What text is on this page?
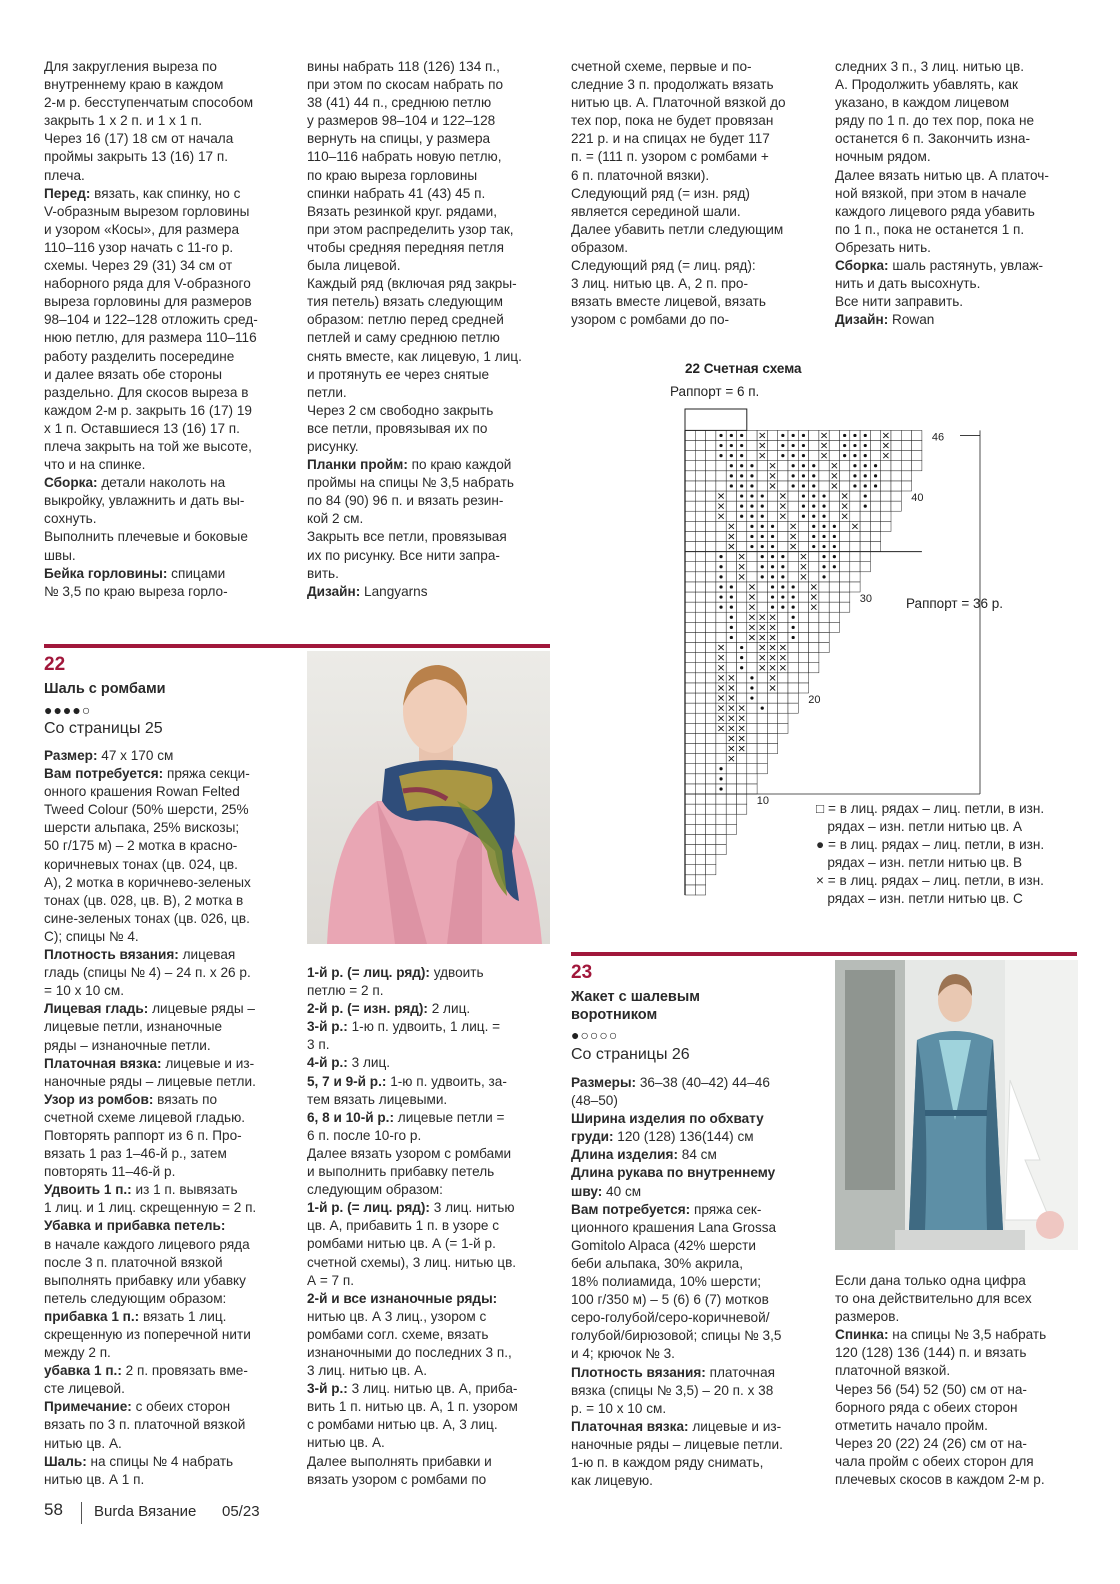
Для закругления выреза по
внутреннему краю в каждом
2-м р. бесступенчатым способом
закрыть 1 х 2 п. и 1 х 1 п.
Через 16 (17) 18 см от начала
проймы закрыть 13 (16) 17 п.
плеча.

Перед: вязать, как спинку, но с
V-образным вырезом горловины
и узором «Косы», для размера
110–116 узор начать с 11-го р.
схемы. Через 29 (31) 34 см от
наборного ряда для V-образного
выреза горловины для размеров
98–104 и 122–128 отложить сред-
нюю петлю, для размера 110–116
работу разделить посередине
и далее вязать обе стороны
раздельно. Для скосов выреза в
каждом 2-м р. закрыть 16 (17) 19
х 1 п. Оставшиеся 13 (16) 17 п.
плеча закрыть на той же высоте,
что и на спинке.

Сборка: детали наколоть на
выкройку, увлажнить и дать вы-
сохнуть.
Выполнить плечевые и боковые
швы.

Бейка горловины: спицами
№ 3,5 по краю выреза горло-

вины набрать 118 (126) 134 п.,
при этом по скосам набрать по
38 (41) 44 п., среднюю петлю
у размеров 98–104 и 122–128
вернуть на спицы, у размера
110–116 набрать новую петлю,
по краю выреза горловины
спинки набрать 41 (43) 45 п.
Вязать резинкой круг. рядами,
при этом распределить узор так,
чтобы средняя передняя петля
была лицевой.
Каждый ряд (включая ряд закры-
тия петель) вязать следующим
образом: петлю перед средней
петлей и саму среднюю петлю
снять вместе, как лицевую, 1 лиц.
и протянуть ее через снятые
петли.
Через 2 см свободно закрыть
все петли, провязывая их по
рисунку.

Планки пройм: по краю каждой
проймы на спицы № 3,5 набрать
по 84 (90) 96 п. и вязать резин-
кой 2 см.
Закрыть все петли, провязывая
их по рисунку. Все нити запра-
вить.

Дизайн: Langyarns

счетной схеме, первые и по-
следние 3 п. продолжать вязать
нитью цв. А. Платочной вязкой до
тех пор, пока не будет провязан
221 р. и на спицах не будет 117
п. = (111 п. узором с ромбами +
6 п. платочной вязки).
Следующий ряд (= изн. ряд)
является серединой шали.
Далее убавить петли следующим
образом.
Следующий ряд (= лиц. ряд):
3 лиц. нитью цв. А, 2 п. про-
вязать вместе лицевой, вязать
узором с ромбами до по-

следних 3 п., 3 лиц. нитью цв.
А. Продолжить убавлять, как
указано, в каждом лицевом
ряду по 1 п. до тех пор, пока не
останется 6 п. Закончить изна-
ночным рядом.
Далее вязать нитью цв. А платоч-
ной вязкой, при этом в начале
каждого лицевого ряда убавить
по 1 п., пока не останется 1 п.
Обрезать нить.

Сборка: шаль растянуть, увлаж-
нить и дать высохнуть.
Все нити заправить.

Дизайн: Rowan

22
Шаль с ромбами
●●●●○
Со страницы 25

Размер: 47 х 170 см

Вам потребуется: пряжа секци-
онного крашения Rowan Felted
Tweed Colour (50% шерсти, 25%
шерсти альпака, 25% вискозы;
50 г/175 м) – 2 мотка в красно-
коричневых тонах (цв. 024, цв.
А), 2 мотка в коричнево-зеленых
тонах (цв. 028, цв. В), 2 мотка в
сине-зеленых тонах (цв. 026, цв.
С); спицы № 4.

Плотность вязания: лицевая
гладь (спицы № 4) – 24 п. х 26 р.
= 10 х 10 см.

Лицевая гладь: лицевые ряды –
лицевые петли, изнаночные
ряды – изнаночные петли.

Платочная вязка: лицевые и из-
наночные ряды – лицевые петли.

Узор из ромбов: вязать по
счетной схеме лицевой гладью.
Повторять раппорт из 6 п. Про-
вязать 1 раз 1–46-й р., затем
повторять 11–46-й р.

Удвоить 1 п.: из 1 п. вывязать
1 лиц. и 1 лиц. скрещенную = 2 п.

Убавка и прибавка петель:
в начале каждого лицевого ряда
после 3 п. платочной вязкой
выполнять прибавку или убавку
петель следующим образом:

прибавка 1 п.: вязать 1 лиц.
скрещенную из поперечной нити
между 2 п.

убавка 1 п.: 2 п. провязать вме-
сте лицевой.

Примечание: с обеих сторон
вязать по 3 п. платочной вязкой
нитью цв. А.

Шаль: на спицы № 4 набрать
нитью цв. А 1 п.

1-й р. (= лиц. ряд): удвоить
петлю = 2 п.

2-й р. (= изн. ряд): 2 лиц.

3-й р.: 1-ю п. удвоить, 1 лиц. =
3 п.

4-й р.: 3 лиц.

5, 7 и 9-й р.: 1-ю п. удвоить, за-
тем вязать лицевыми.

6, 8 и 10-й р.: лицевые петли =
6 п. после 10-го р.
Далее вязать узором с ромбами
и выполнить прибавку петель
следующим образом:

1-й р. (= лиц. ряд): 3 лиц. нитью
цв. А, прибавить 1 п. в узоре с
ромбами нитью цв. А (= 1-й р.
счетной схемы), 3 лиц. нитью цв.
А = 7 п.

2-й и все изнаночные ряды:
нитью цв. А 3 лиц., узором с
ромбами согл. схеме, вязать
изнаночными до последних 3 п.,
3 лиц. нитью цв. А.

3-й р.: 3 лиц. нитью цв. А, приба-
вить 1 п. нитью цв. А, 1 п. узором
с ромбами нитью цв. А, 3 лиц.
нитью цв. А.
Далее выполнять прибавки и
вязать узором с ромбами по

22 Счетная схема
Раппорт = 6 п.
Раппорт = 36 р.
46
40
30
20
10	□ = в лиц. рядах – лиц. петли, в изн.
рядах – изн. петли нитью цв. А
● = в лиц. рядах – лиц. петли, в изн.
рядах – изн. петли нитью цв. В
× = в лиц. рядах – лиц. петли, в изн.
рядах – изн. петли нитью цв. С
23
Жакет с шалевым
воротником
●○○○○
Со страницы 26

Размеры: 36–38 (40–42) 44–46
(48–50)

Ширина изделия по обхвату
груди: 120 (128) 136(144) см

Длина изделия: 84 см

Длина рукава по внутреннему
шву: 40 см

Вам потребуется: пряжа сек-
ционного крашения Lana Grossa
Gomitolo Alpaca (42% шерсти
беби альпака, 30% акрила,
18% полиамида, 10% шерсти;
100 г/350 м) – 5 (6) 6 (7) мотков
серо-голубой/серо-коричневой/
голубой/бирюзовой; спицы № 3,5
и 4; крючок № 3.

Плотность вязания: платочная
вязка (спицы № 3,5) – 20 п. х 38
р. = 10 х 10 см.

Платочная вязка: лицевые и из-
наночные ряды – лицевые петли.
1-ю п. в каждом ряду снимать,
как лицевую.

Если дана только одна цифра
то она действительно для всех
размеров.

Спинка: на спицы № 3,5 набрать
120 (128) 136 (144) п. и вязать
платочной вязкой.
Через 56 (54) 52 (50) см от на-
борного ряда с обеих сторон
отметить начало пройм.
Через 20 (22) 24 (26) см от на-
чала пройм с обеих сторон для
плечевых скосов в каждом 2-м р.

58 Burda Вязание 05/23
